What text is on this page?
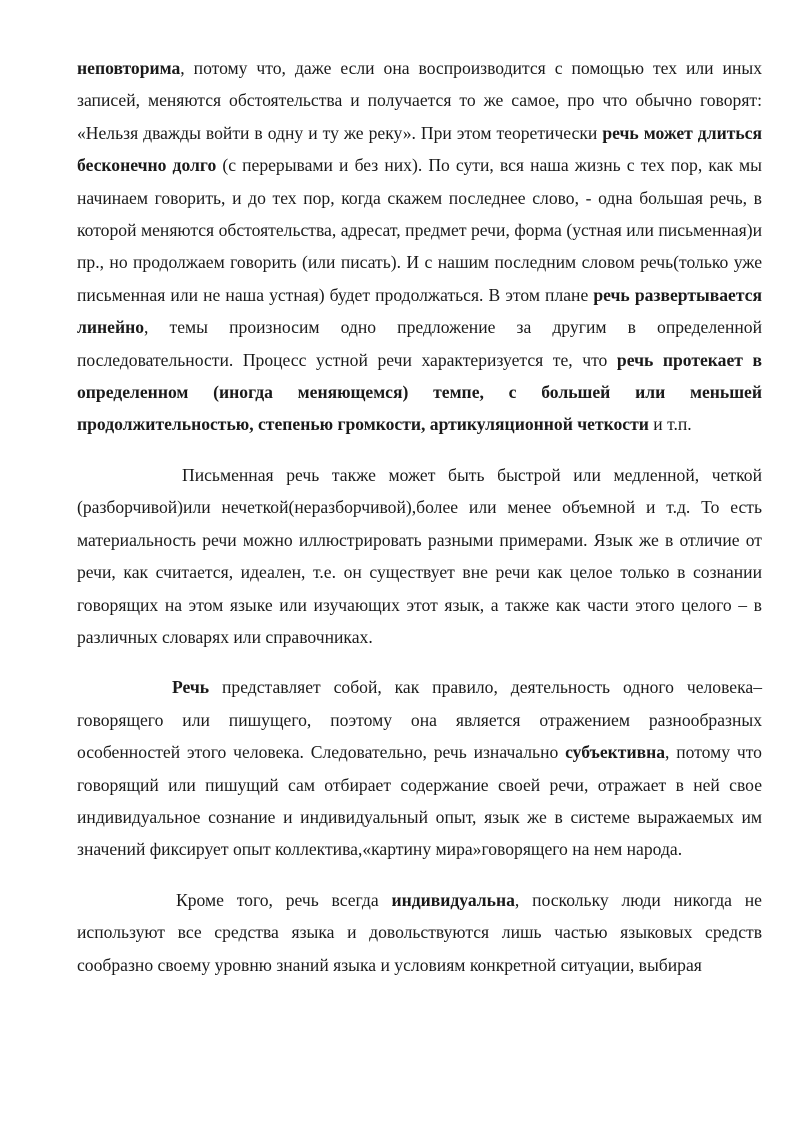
неповторима, потому что, даже если она воспроизводится с помощью тех или иных записей, меняются обстоятельства и получается то же самое, про что обычно говорят: «Нельзя дважды войти в одну и ту же реку». При этом теоретически речь может длиться бесконечно долго (с перерывами и без них). По сути, вся наша жизнь с тех пор, как мы начинаем говорить, и до тех пор, когда скажем последнее слово, - одна большая речь, в которой меняются обстоятельства, адресат, предмет речи, форма (устная или письменная)и пр., но продолжаем говорить (или писать). И с нашим последним словом речь(только уже письменная или не наша устная) будет продолжаться. В этом плане речь развертывается линейно, темы произносим одно предложение за другим в определенной последовательности. Процесс устной речи характеризуется те, что речь протекает в определенном (иногда меняющемся) темпе, с большей или меньшей продолжительностью, степенью громкости, артикуляционной четкости и т.п.

Письменная речь также может быть быстрой или медленной, четкой (разборчивой)или нечеткой(неразборчивой),более или менее объемной и т.д. То есть материальность речи можно иллюстрировать разными примерами. Язык же в отличие от речи, как считается, идеален, т.е. он существует вне речи как целое только в сознании говорящих на этом языке или изучающих этот язык, а также как части этого целого – в различных словарях или справочниках.

Речь представляет собой, как правило, деятельность одного человека– говорящего или пишущего, поэтому она является отражением разнообразных особенностей этого человека. Следовательно, речь изначально субъективна, потому что говорящий или пишущий сам отбирает содержание своей речи, отражает в ней свое индивидуальное сознание и индивидуальный опыт, язык же в системе выражаемых им значений фиксирует опыт коллектива,«картину мира»говорящего на нем народа.

Кроме того, речь всегда индивидуальна, поскольку люди никогда не используют все средства языка и довольствуются лишь частью языковых средств сообразно своему уровню знаний языка и условиям конкретной ситуации, выбирая
